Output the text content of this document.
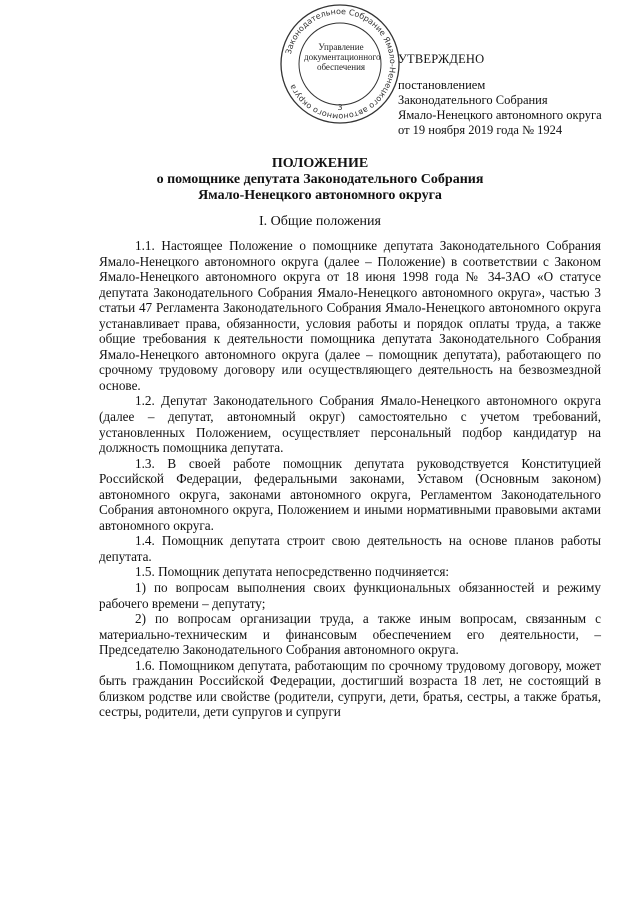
Законодательное Собрание Ямало-Ненецкого автономного округа
3
Управление
документационного
обеспечения
УТВЕРЖДЕНО
постановлением
Законодательного Собрания
Ямало-Ненецкого автономного округа
от 19 ноября 2019 года № 1924
ПОЛОЖЕНИЕ
о помощнике депутата Законодательного Собрания
Ямало-Ненецкого автономного округа
I. Общие положения

1.1. Настоящее Положение о помощнике депутата Законодательного Собрания Ямало-Ненецкого автономного округа (далее – Положение) в соответствии с Законом Ямало-Ненецкого автономного округа от 18 июня 1998 года № 34-ЗАО «О статусе депутата Законодательного Собрания Ямало-Ненецкого автономного округа», частью 3 статьи 47 Регламента Законодательного Собрания Ямало-Ненецкого автономного округа устанавливает права, обязанности, условия работы и порядок оплаты труда, а также общие требования к деятельности помощника депутата Законодательного Собрания Ямало-Ненецкого автономного округа (далее – помощник депутата), работающего по срочному трудовому договору или осуществляющего деятельность на безвозмездной основе.

1.2. Депутат Законодательного Собрания Ямало-Ненецкого автономного округа (далее – депутат, автономный округ) самостоятельно с учетом требований, установленных Положением, осуществляет персональный подбор кандидатур на должность помощника депутата.

1.3. В своей работе помощник депутата руководствуется Конституцией Российской Федерации, федеральными законами, Уставом (Основным законом) автономного округа, законами автономного округа, Регламентом Законодательного Собрания автономного округа, Положением и иными нормативными правовыми актами автономного округа.

1.4. Помощник депутата строит свою деятельность на основе планов работы депутата.

1.5. Помощник депутата непосредственно подчиняется:

1) по вопросам выполнения своих функциональных обязанностей и режиму рабочего времени – депутату;

2) по вопросам организации труда, а также иным вопросам, связанным с материально-техническим и финансовым обеспечением его деятельности, – Председателю Законодательного Собрания автономного округа.

1.6. Помощником депутата, работающим по срочному трудовому договору, может быть гражданин Российской Федерации, достигший возраста 18 лет, не состоящий в близком родстве или свойстве (родители, супруги, дети, братья, сестры, а также братья, сестры, родители, дети супругов и супруги
